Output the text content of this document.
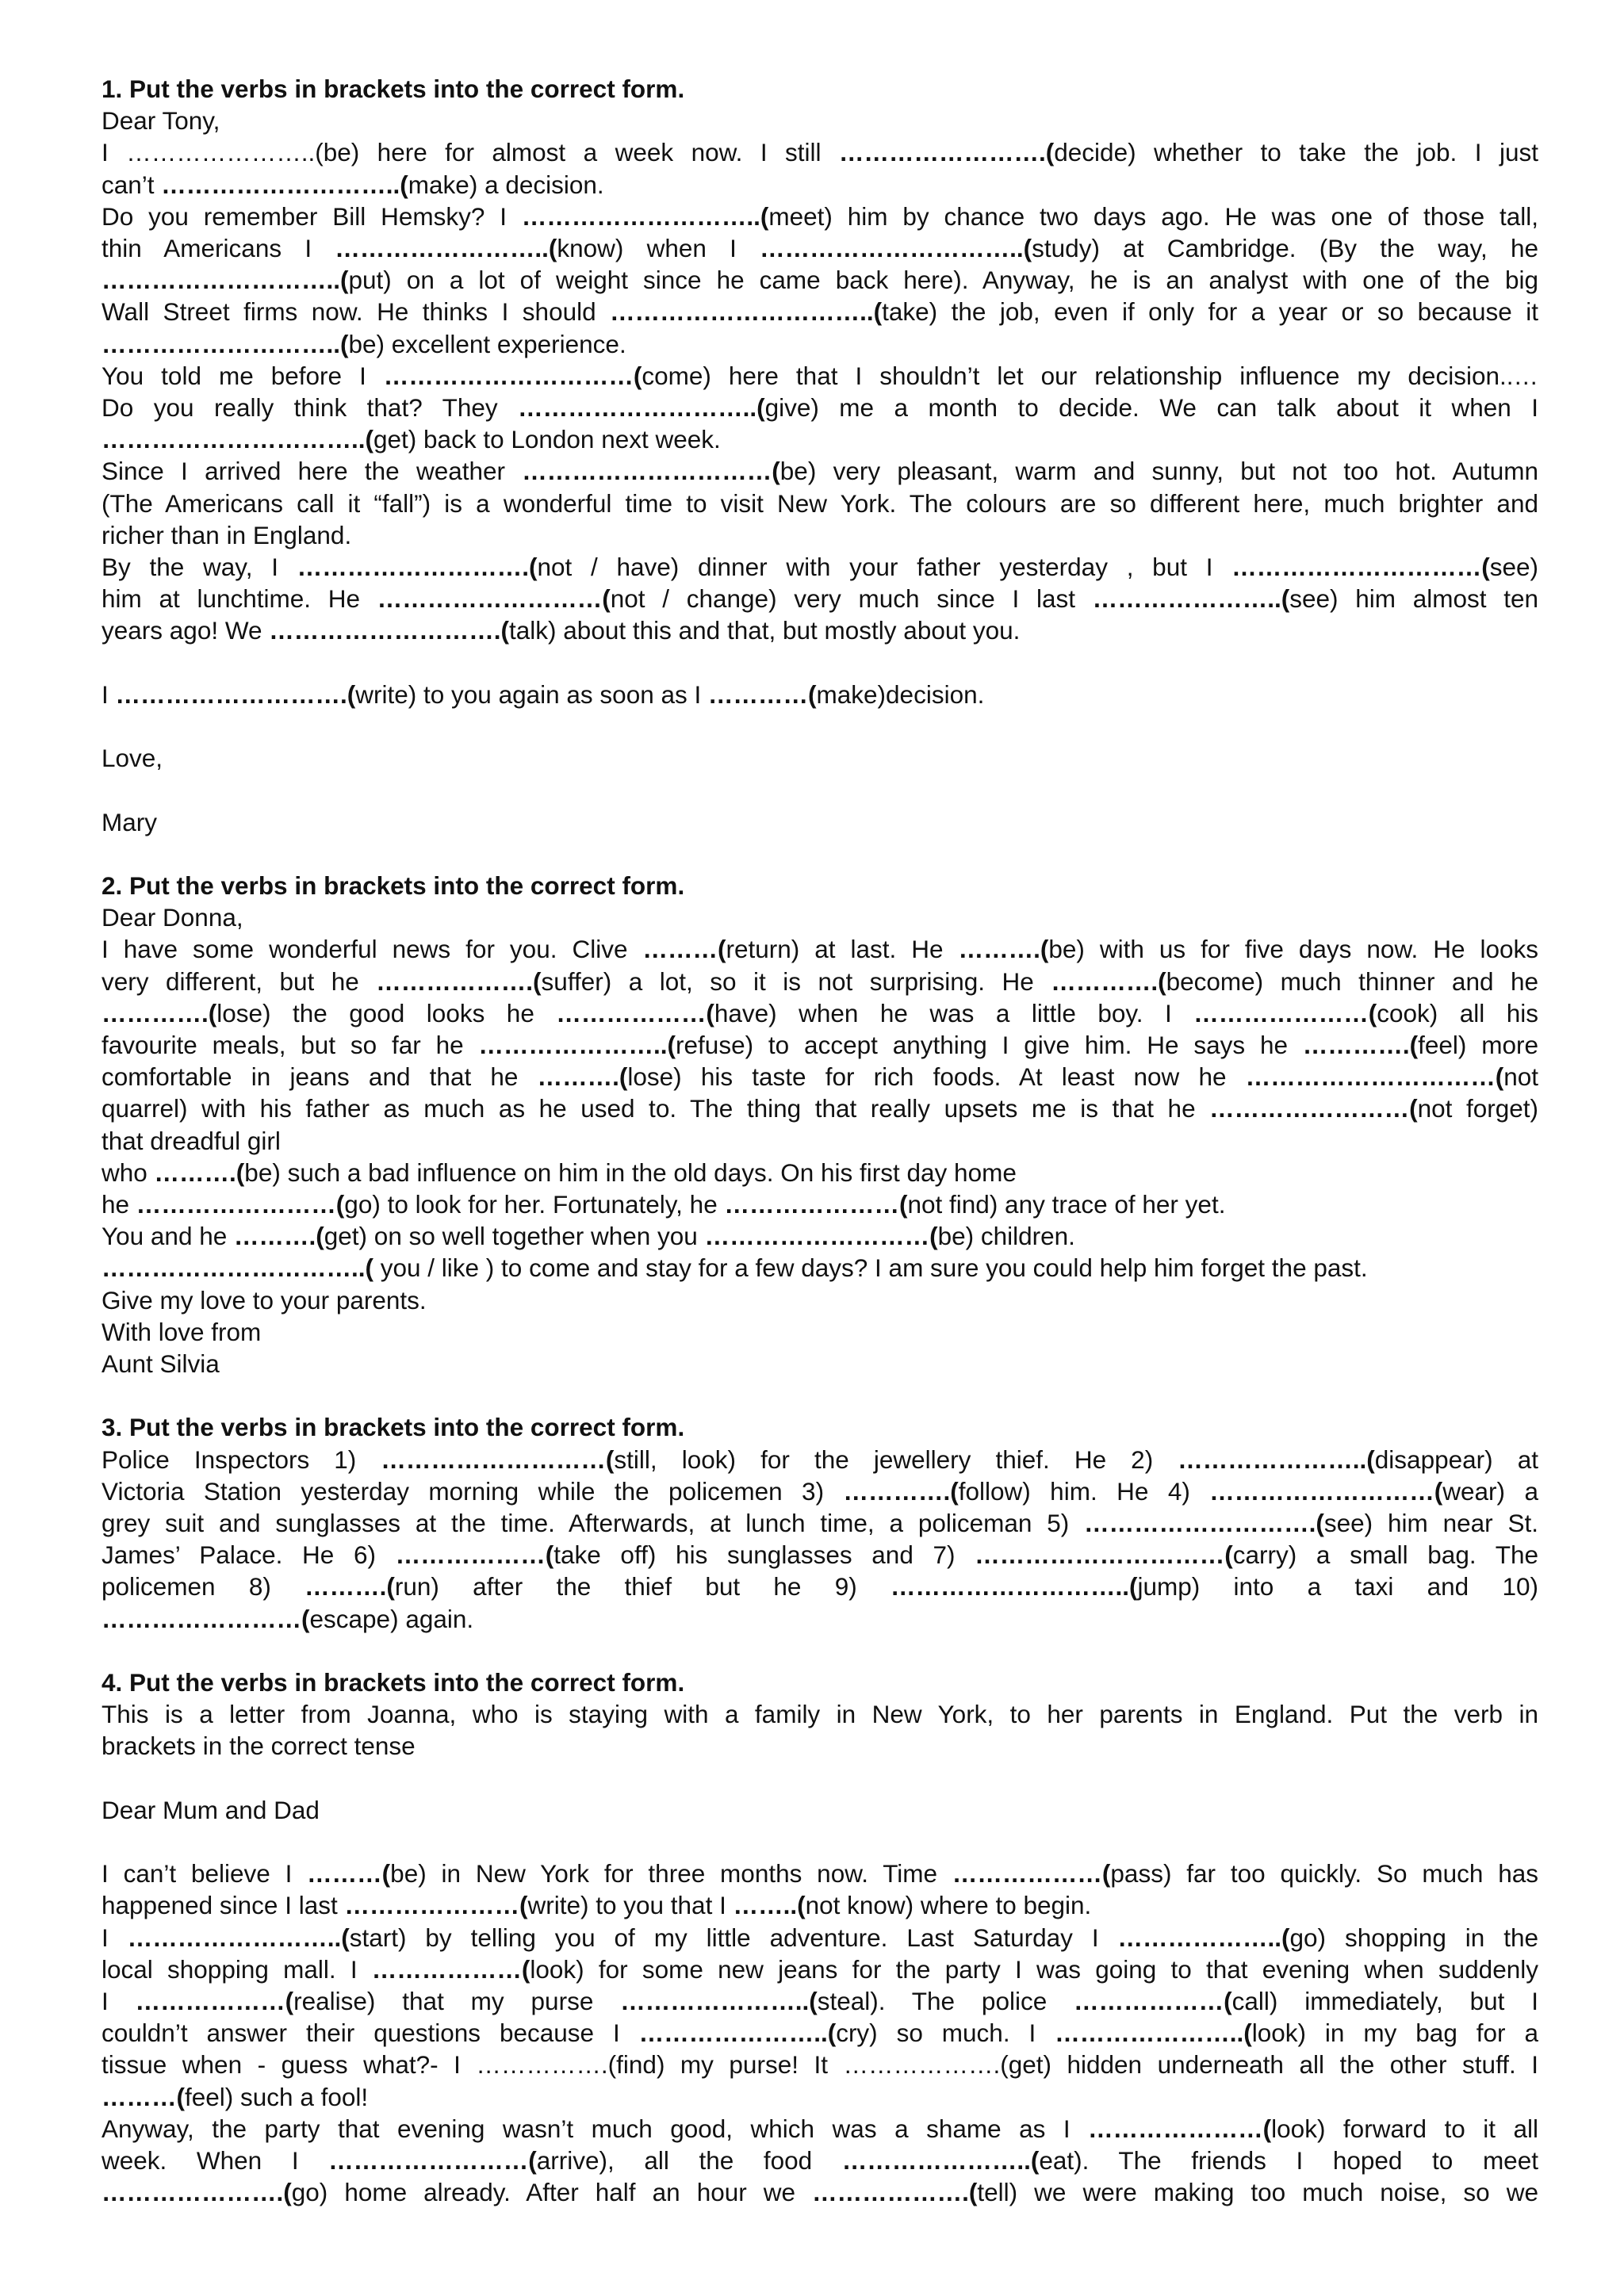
1. Put the verbs in brackets into the correct form.

Dear Tony,

I …………………..(be) here for almost a week now. I still …………………….(decide) whether to take the job. I just

can’t ………………………..(make) a decision.

Do you remember Bill Hemsky? I ………………………..(meet) him by chance two days ago. He was one of those tall,

thin Americans I ……………………..(know) when I …………………………..(study) at Cambridge. (By the way, he

………………………..(put) on a lot of weight since he came back here). Anyway, he is an analyst with one of the big

Wall Street firms now. He thinks I should …………………………..(take) the job, even if only for a year or so because it

………………………..(be) excellent experience.

You told me before I …………………………(come) here that I shouldn’t let our relationship influence my decision..…

Do you really think that? They ………………………..(give) me a month to decide. We can talk about it when I

…………………………..(get) back to London next week.

Since I arrived here the weather …………………………(be) very pleasant, warm and sunny, but not too hot. Autumn

(The Americans call it “fall”) is a wonderful time to visit New York. The colours are so different here, much brighter and

richer than in England.

By the way, I ……………………….(not / have) dinner with your father yesterday , but I …………………………(see)

him at lunchtime. He ………………………(not / change) very much since I last …………………..(see) him almost ten

years ago! We ……………………….(talk) about this and that, but mostly about you.

I ……………………….(write) to you again as soon as I …………(make)decision.

Love,

Mary

2. Put the verbs in brackets into the correct form.

Dear Donna,

I have some wonderful news for you. Clive ………(return) at last. He ……….(be) with us for five days now. He looks

very different, but he ……………….(suffer) a lot, so it is not surprising. He ………….(become) much thinner and he

………….(lose) the good looks he ………………(have) when he was a little boy. I …………………(cook) all his

favourite meals, but so far he …………………..(refuse) to accept anything I give him. He says he ………….(feel) more

comfortable in jeans and that he ……….(lose) his taste for rich foods. At least now he …………………………(not

quarrel) with his father as much as he used to. The thing that really upsets me is that he ……………………(not forget)

that dreadful girl

who ……….(be) such a bad influence on him in the old days. On his first day home

he ……………………(go) to look for her. Fortunately, he …………………(not find) any trace of her yet.

You and he ……….(get) on so well together when you ………………………(be) children.

…………………………..( you / like ) to come and stay for a few days? I am sure you could help him forget the past.

Give my love to your parents.

With love from

Aunt Silvia

3. Put the verbs in brackets into the correct form.

Police Inspectors 1) ………………………(still, look) for the jewellery thief. He 2) …………………..(disappear) at

Victoria Station yesterday morning while the policemen 3) ………….(follow) him. He 4) ………………………(wear) a

grey suit and sunglasses at the time. Afterwards, at lunch time, a policeman 5) ……………………….(see) him near St.

James’ Palace. He 6) ………………(take off) his sunglasses and 7) …………………………(carry) a small bag. The

policemen 8) ……….(run) after the thief but he 9) ………………………..(jump) into a taxi and 10)

……………………(escape) again.

4. Put the verbs in brackets into the correct form.

This is a letter from Joanna, who is staying with a family in New York, to her parents in England. Put the verb in

brackets in the correct tense

Dear Mum and Dad

I can’t believe I ………(be) in New York for three months now. Time ………………(pass) far too quickly. So much has

happened since I last …………………(write) to you that I ……..(not know) where to begin.

I ……………………..(start) by telling you of my little adventure. Last Saturday I ………………..(go) shopping in the

local shopping mall. I ………………(look) for some new jeans for the party I was going to that evening when suddenly

I ………………(realise) that my purse …………………..(steal). The police ………………(call) immediately, but I

couldn’t answer their questions because I …………………..(cry) so much. I …………………..(look) in my bag for a

tissue when - guess what?- I …………….(find) my purse! It ……………….(get) hidden underneath all the other stuff. I

………(feel) such a fool!

Anyway, the party that evening wasn’t much good, which was a shame as I …………………(look) forward to it all

week. When I ……………………(arrive), all the food …………………..(eat). The friends I hoped to meet

………………….(go) home already. After half an hour we ……………….(tell) we were making too much noise, so we
